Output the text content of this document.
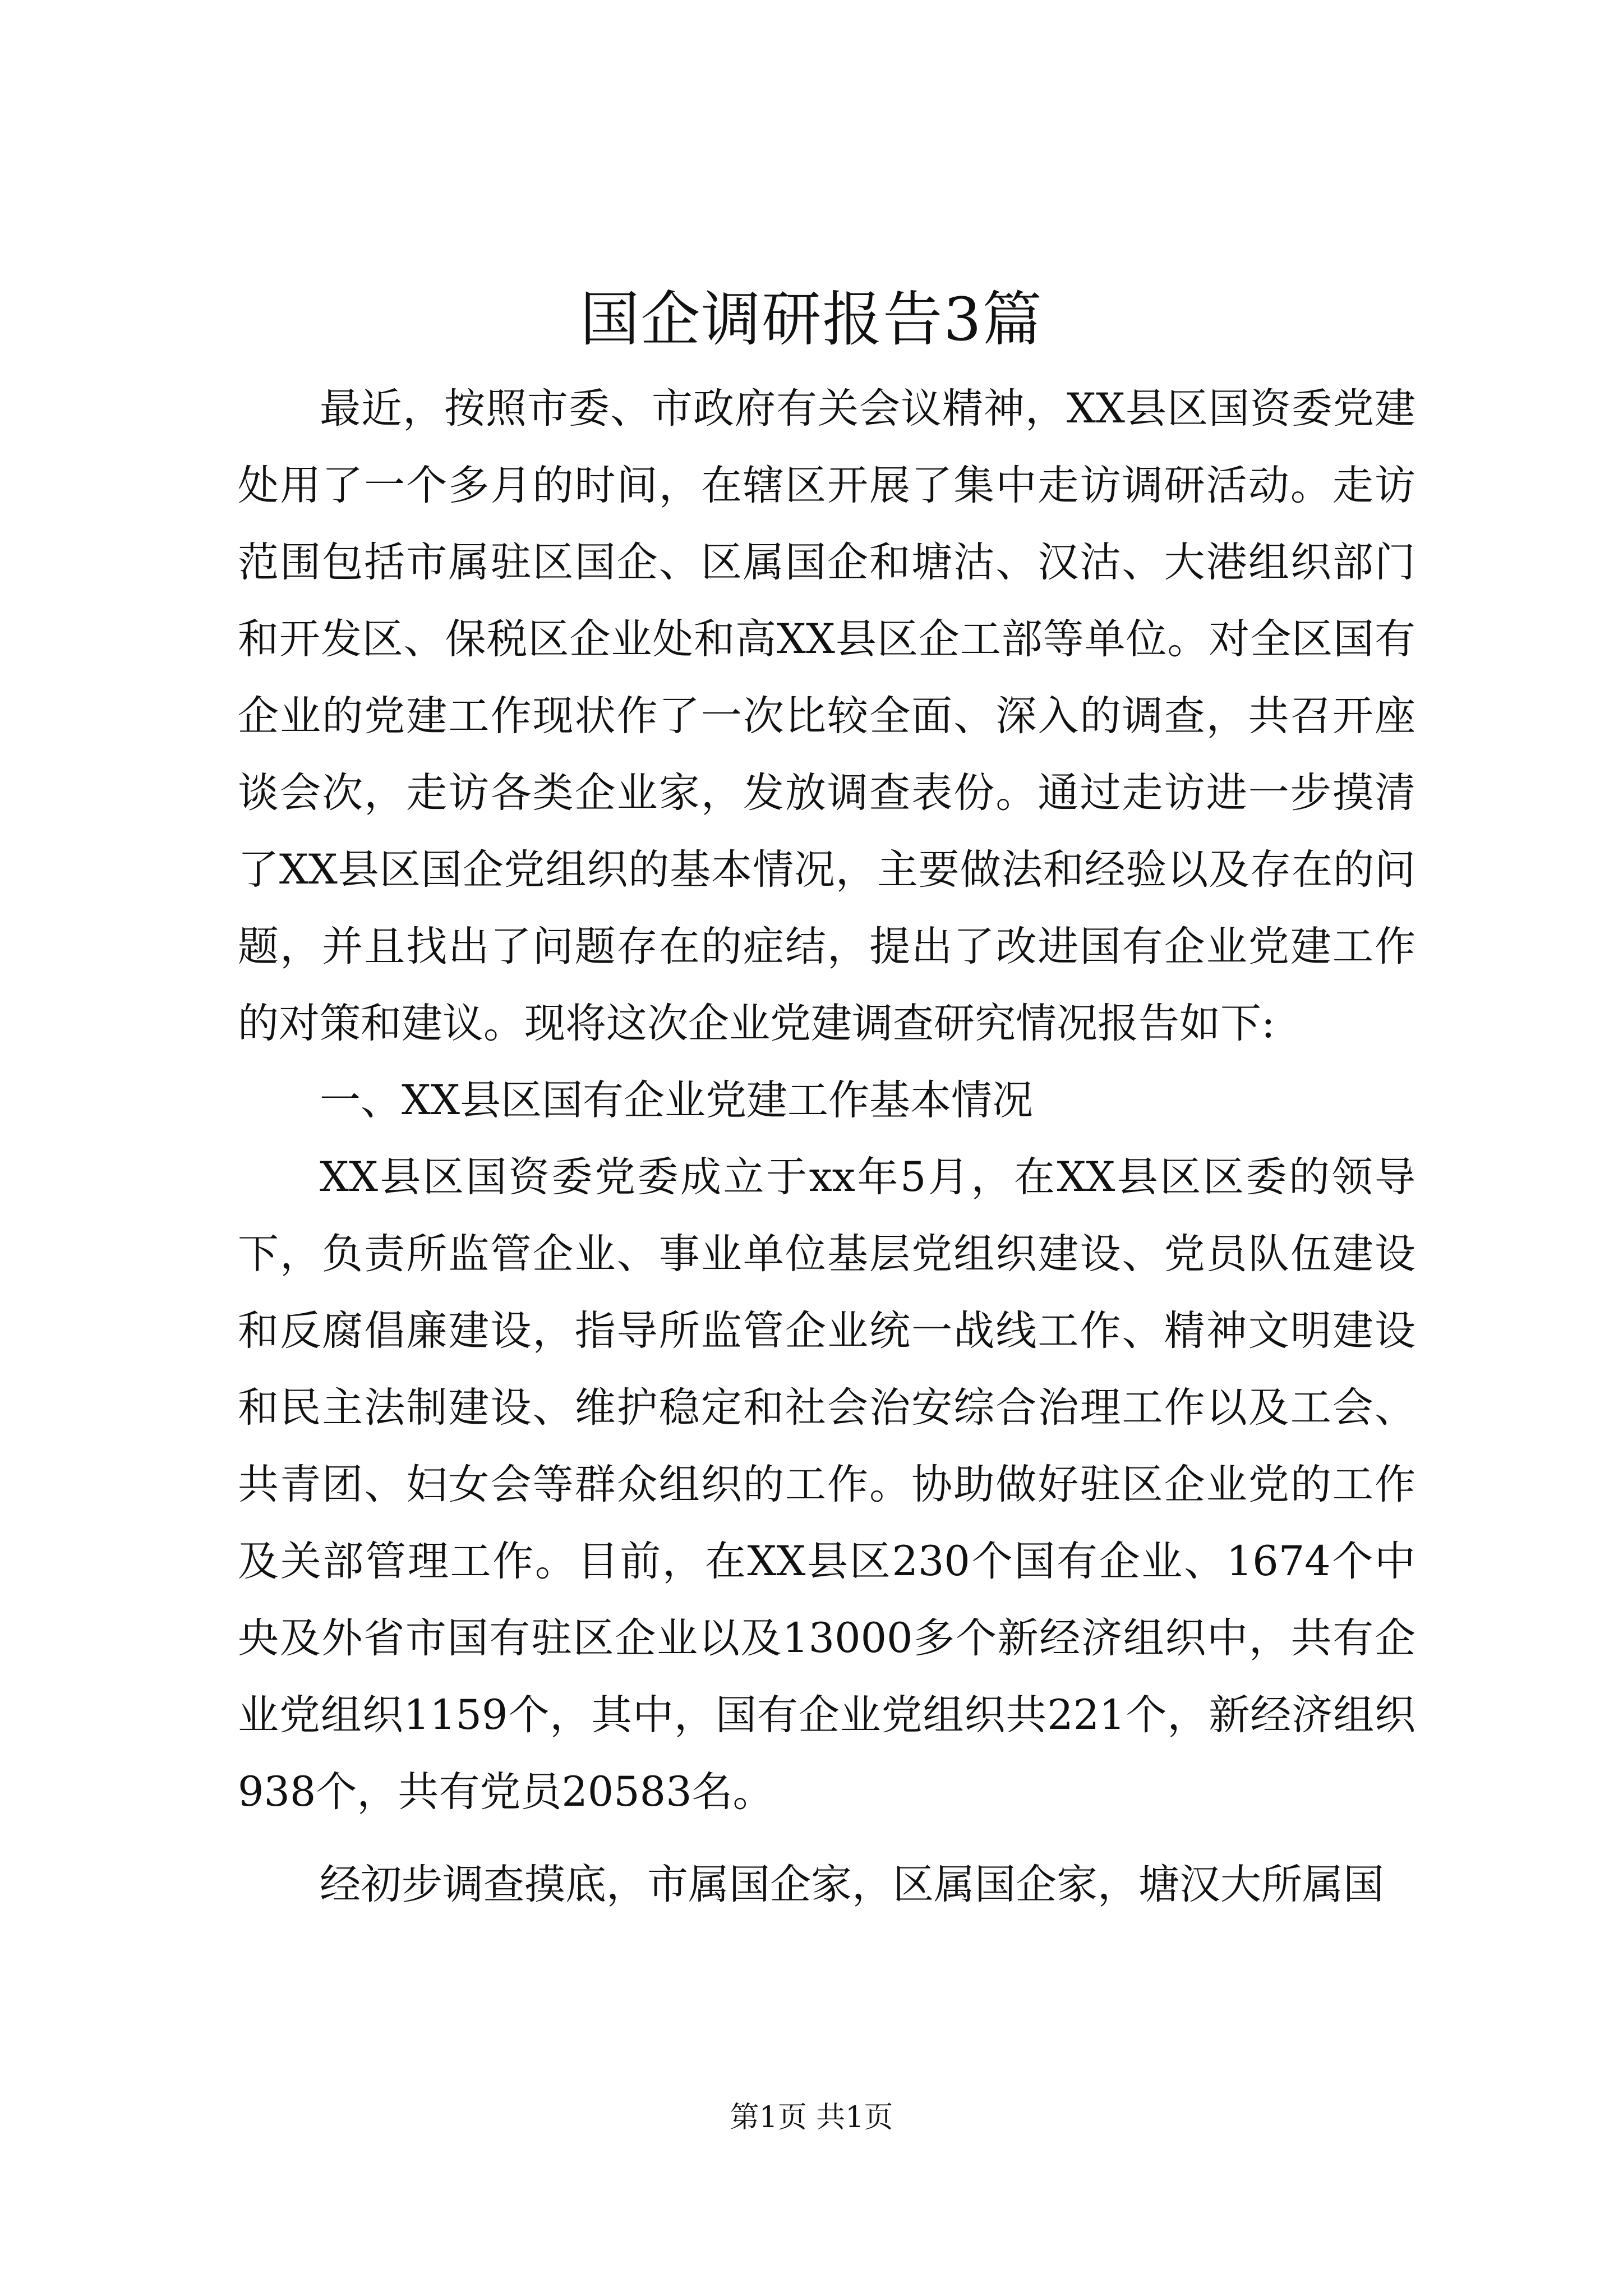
国企调研报告3篇

最近，按照市委、市政府有关会议精神，XX县区国资委党建处用了一个多月的时间，在辖区开展了集中走访调研活动。走访范围包括市属驻区国企、区属国企和塘沽、汉沽、大港组织部门和开发区、保税区企业处和高XX县区企工部等单位。对全区国有企业的党建工作现状作了一次比较全面、深入的调查，共召开座谈会次，走访各类企业家，发放调查表份。通过走访进一步摸清了XX县区国企党组织的基本情况，主要做法和经验以及存在的问题，并且找出了问题存在的症结，提出了改进国有企业党建工作的对策和建议。现将这次企业党建调查研究情况报告如下:

一、XX县区国有企业党建工作基本情况

XX县区国资委党委成立于xx年5月，在XX县区区委的领导下，负责所监管企业、事业单位基层党组织建设、党员队伍建设和反腐倡廉建设，指导所监管企业统一战线工作、精神文明建设和民主法制建设、维护稳定和社会治安综合治理工作以及工会、共青团、妇女会等群众组织的工作。协助做好驻区企业党的工作及关部管理工作。目前，在XX县区230个国有企业、1674个中央及外省市国有驻区企业以及13000多个新经济组织中，共有企业党组织1159个，其中，国有企业党组织共221个，新经济组织938个，共有党员20583名。

经初步调查摸底，市属国企家，区属国企家，塘汉大所属国

第1页 共1页
